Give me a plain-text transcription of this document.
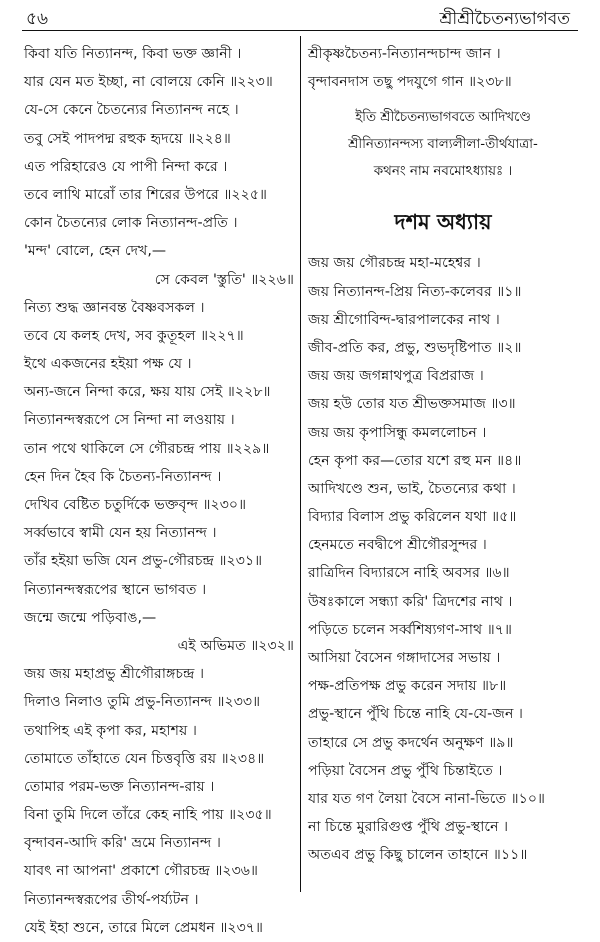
৫৬	শ্রীশ্রীচৈতন্যভাগবত
কিবা যতি নিত্যানন্দ, কিবা ভক্ত জ্ঞানী ।
যার যেন মত ইচ্ছা, না বোলয়ে কেনি ॥২২৩॥
যে-সে কেনে চৈতন্যের নিত্যানন্দ নহে ।
তবু সেই পাদপদ্ম রহুক হৃদয়ে ॥২২৪॥
এত পরিহারেও যে পাপী নিন্দা করে ।
তবে লাথি মারোঁ তার শিরের উপরে ॥২২৫॥
কোন চৈতন্যের লোক নিত্যানন্দ-প্রতি ।
'মন্দ' বোলে, হেন দেখ,—
সে কেবল 'স্তুতি' ॥২২৬॥
নিত্য শুদ্ধ জ্ঞানবন্ত বৈষ্ণবসকল ।
তবে যে কলহ দেখ, সব কুতূহল ॥২২৭॥
ইথে একজনের হইয়া পক্ষ যে ।
অন্য-জনে নিন্দা করে, ক্ষয় যায় সেই ॥২২৮॥
নিত্যানন্দস্বরূপে সে নিন্দা না লওয়ায় ।
তান পথে থাকিলে সে গৌরচন্দ্র পায় ॥২২৯॥
হেন দিন হৈব কি চৈতন্য-নিত্যানন্দ ।
দেখিব বেষ্টিত চতুর্দিকে ভক্তবৃন্দ ॥২৩০॥
সর্ব্বভাবে স্বামী যেন হয় নিত্যানন্দ ।
তাঁর হইয়া ভজি যেন প্রভু-গৌরচন্দ্র ॥২৩১॥
নিত্যানন্দস্বরূপের স্থানে ভাগবত ।
জন্মে জন্মে পড়িবাঙ,—
এই অভিমত ॥২৩২॥
জয় জয় মহাপ্রভু শ্রীগৌরাঙ্গচন্দ্র ।
দিলাও নিলাও তুমি প্রভু-নিত্যানন্দ ॥২৩৩॥
তথাপিহ এই কৃপা কর, মহাশয় ।
তোমাতে তাঁহাতে যেন চিত্তবৃত্তি রয় ॥২৩৪॥
তোমার পরম-ভক্ত নিত্যানন্দ-রায় ।
বিনা তুমি দিলে তাঁরে কেহ নাহি পায় ॥২৩৫॥
বৃন্দাবন-আদি করি' ভ্রমে নিত্যানন্দ ।
যাবৎ না আপনা' প্রকাশে গৌরচন্দ্র ॥২৩৬॥
নিত্যানন্দস্বরূপের তীর্থ-পর্য্যটন ।
যেই ইহা শুনে, তারে মিলে প্রেমধন ॥২৩৭॥
শ্রীকৃষ্ণচৈতন্য-নিত্যানন্দচান্দ জান ।
বৃন্দাবনদাস তছু পদযুগে গান ॥২৩৮॥
ইতি শ্রীচৈতন্যভাগবতে আদিখণ্ডে
শ্রীনিত্যানন্দস্য বাল্যলীলা-তীর্থযাত্রা-
কথনং নাম নবমোঽধ্যায়ঃ ।
দশম অধ্যায়
জয় জয় গৌরচন্দ্র মহা-মহেশ্বর ।
জয় নিত্যানন্দ-প্রিয় নিত্য-কলেবর ॥১॥
জয় শ্রীগোবিন্দ-দ্বারপালকের নাথ ।
জীব-প্রতি কর, প্রভু, শুভদৃষ্টিপাত ॥২॥
জয় জয় জগন্নাথপুত্র বিপ্ররাজ ।
জয় হউ তোর যত শ্রীভক্তসমাজ ॥৩॥
জয় জয় কৃপাসিন্ধু কমললোচন ।
হেন কৃপা কর—তোর যশে রহু মন ॥৪॥
আদিখণ্ডে শুন, ভাই, চৈতন্যের কথা ।
বিদ্যার বিলাস প্রভু করিলেন যথা ॥৫॥
হেনমতে নবদ্বীপে শ্রীগৌরসুন্দর ।
রাত্রিদিন বিদ্যারসে নাহি অবসর ॥৬॥
উষঃকালে সন্ধ্যা করি' ত্রিদশের নাথ ।
পড়িতে চলেন সর্ব্বশিষ্যগণ-সাথ ॥৭॥
আসিয়া বৈসেন গঙ্গাদাসের সভায় ।
পক্ষ-প্রতিপক্ষ প্রভু করেন সদায় ॥৮॥
প্রভু-স্থানে পুঁথি চিন্তে নাহি যে-যে-জন ।
তাহারে সে প্রভু কদর্থেন অনুক্ষণ ॥৯॥
পড়িয়া বৈসেন প্রভু পুঁথি চিন্তাইতে ।
যার যত গণ লৈয়া বৈসে নানা-ভিতে ॥১০॥
না চিন্তে মুরারিগুপ্ত পুঁথি প্রভু-স্থানে ।
অতএব প্রভু কিছু চালেন তাহানে ॥১১॥
